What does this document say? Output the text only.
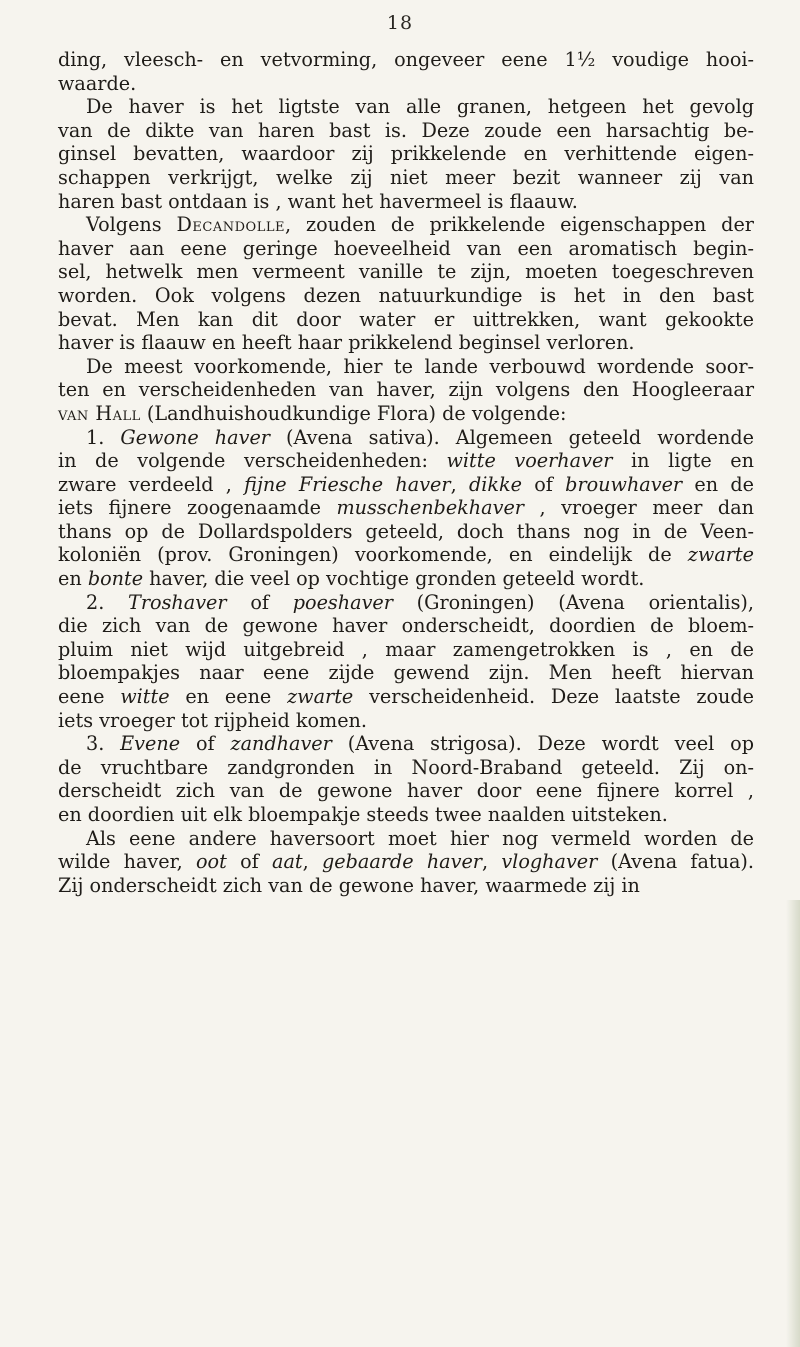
18
ding, vleesch- en vetvorming, ongeveer eene 1½ voudige hooi-
waarde.
De haver is het ligtste van alle granen, hetgeen het gevolg
van de dikte van haren bast is. Deze zoude een harsachtig be-
ginsel bevatten, waardoor zij prikkelende en verhittende eigen-
schappen verkrijgt, welke zij niet meer bezit wanneer zij van
haren bast ontdaan is , want het havermeel is flaauw.
Volgens Decandolle, zouden de prikkelende eigenschappen der
haver aan eene geringe hoeveelheid van een aromatisch begin-
sel, hetwelk men vermeent vanille te zijn, moeten toegeschreven
worden. Ook volgens dezen natuurkundige is het in den bast
bevat. Men kan dit door water er uittrekken, want gekookte
haver is flaauw en heeft haar prikkelend beginsel verloren.
De meest voorkomende, hier te lande verbouwd wordende soor-
ten en verscheidenheden van haver, zijn volgens den Hoogleeraar
van Hall (Landhuishoudkundige Flora) de volgende:
1. Gewone haver (Avena sativa). Algemeen geteeld wordende
in de volgende verscheidenheden: witte voerhaver in ligte en
zware verdeeld , fijne Friesche haver, dikke of brouwhaver en de
iets fijnere zoogenaamde musschenbekhaver , vroeger meer dan
thans op de Dollardspolders geteeld, doch thans nog in de Veen-
koloniën (prov. Groningen) voorkomende, en eindelijk de zwarte
en bonte haver, die veel op vochtige gronden geteeld wordt.
2. Troshaver of poeshaver (Groningen) (Avena orientalis),
die zich van de gewone haver onderscheidt, doordien de bloem-
pluim niet wijd uitgebreid , maar zamengetrokken is , en de
bloempakjes naar eene zijde gewend zijn. Men heeft hiervan
eene witte en eene zwarte verscheidenheid. Deze laatste zoude
iets vroeger tot rijpheid komen.
3. Evene of zandhaver (Avena strigosa). Deze wordt veel op
de vruchtbare zandgronden in Noord-Braband geteeld. Zij on-
derscheidt zich van de gewone haver door eene fijnere korrel ,
en doordien uit elk bloempakje steeds twee naalden uitsteken.
Als eene andere haversoort moet hier nog vermeld worden de
wilde haver, oot of aat, gebaarde haver, vloghaver (Avena fatua).
Zij onderscheidt zich van de gewone haver, waarmede zij in
